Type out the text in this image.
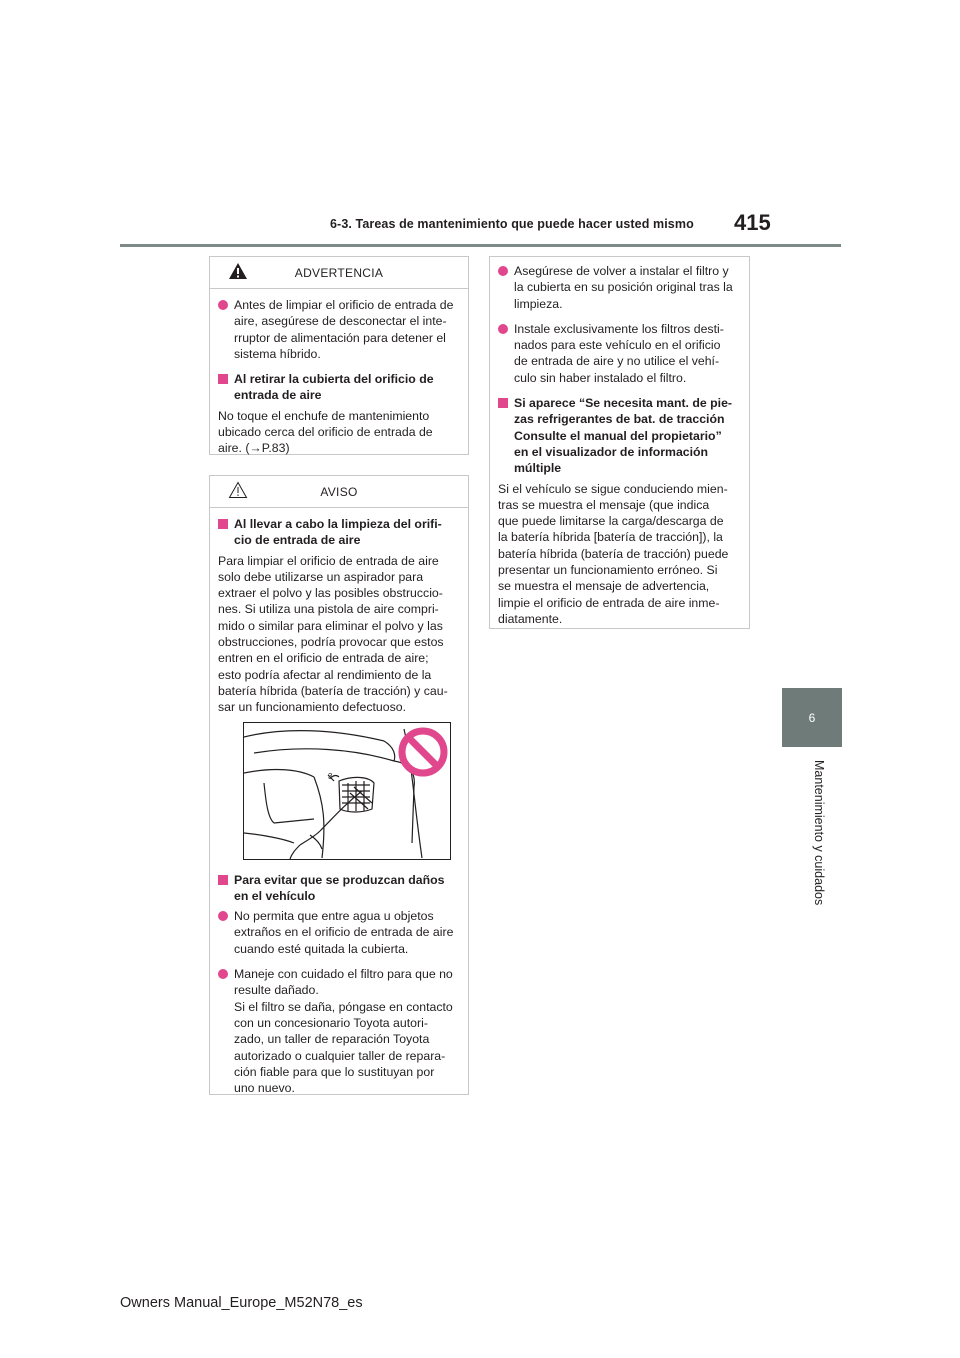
6-3. Tareas de mantenimiento que puede hacer usted mismo 415
6
Mantenimiento y cuidados
ADVERTENCIA
Antes de limpiar el orificio de entrada de
aire, asegúrese de desconectar el inte-
rruptor de alimentación para detener el
sistema híbrido.
Al retirar la cubierta del orificio de
entrada de aire
No toque el enchufe de mantenimiento
ubicado cerca del orificio de entrada de
aire. (→P.83)
AVISO
Al llevar a cabo la limpieza del orifi-
cio de entrada de aire
Para limpiar el orificio de entrada de aire
solo debe utilizarse un aspirador para
extraer el polvo y las posibles obstruccio-
nes. Si utiliza una pistola de aire compri-
mido o similar para eliminar el polvo y las
obstrucciones, podría provocar que estos
entren en el orificio de entrada de aire;
esto podría afectar al rendimiento de la
batería híbrida (batería de tracción) y cau-
sar un funcionamiento defectuoso.
3
Para evitar que se produzcan daños
en el vehículo
No permita que entre agua u objetos
extraños en el orificio de entrada de aire
cuando esté quitada la cubierta.
Maneje con cuidado el filtro para que no
resulte dañado.
Si el filtro se daña, póngase en contacto
con un concesionario Toyota autori-
zado, un taller de reparación Toyota
autorizado o cualquier taller de repara-
ción fiable para que lo sustituyan por
uno nuevo.
Asegúrese de volver a instalar el filtro y
la cubierta en su posición original tras la
limpieza.
Instale exclusivamente los filtros desti-
nados para este vehículo en el orificio
de entrada de aire y no utilice el vehí-
culo sin haber instalado el filtro.
Si aparece “Se necesita mant. de pie-
zas refrigerantes de bat. de tracción
Consulte el manual del propietario”
en el visualizador de información
múltiple
Si el vehículo se sigue conduciendo mien-
tras se muestra el mensaje (que indica
que puede limitarse la carga/descarga de
la batería híbrida [batería de tracción]), la
batería híbrida (batería de tracción) puede
presentar un funcionamiento erróneo. Si
se muestra el mensaje de advertencia,
limpie el orificio de entrada de aire inme-
diatamente.
Owners Manual_Europe_M52N78_es
